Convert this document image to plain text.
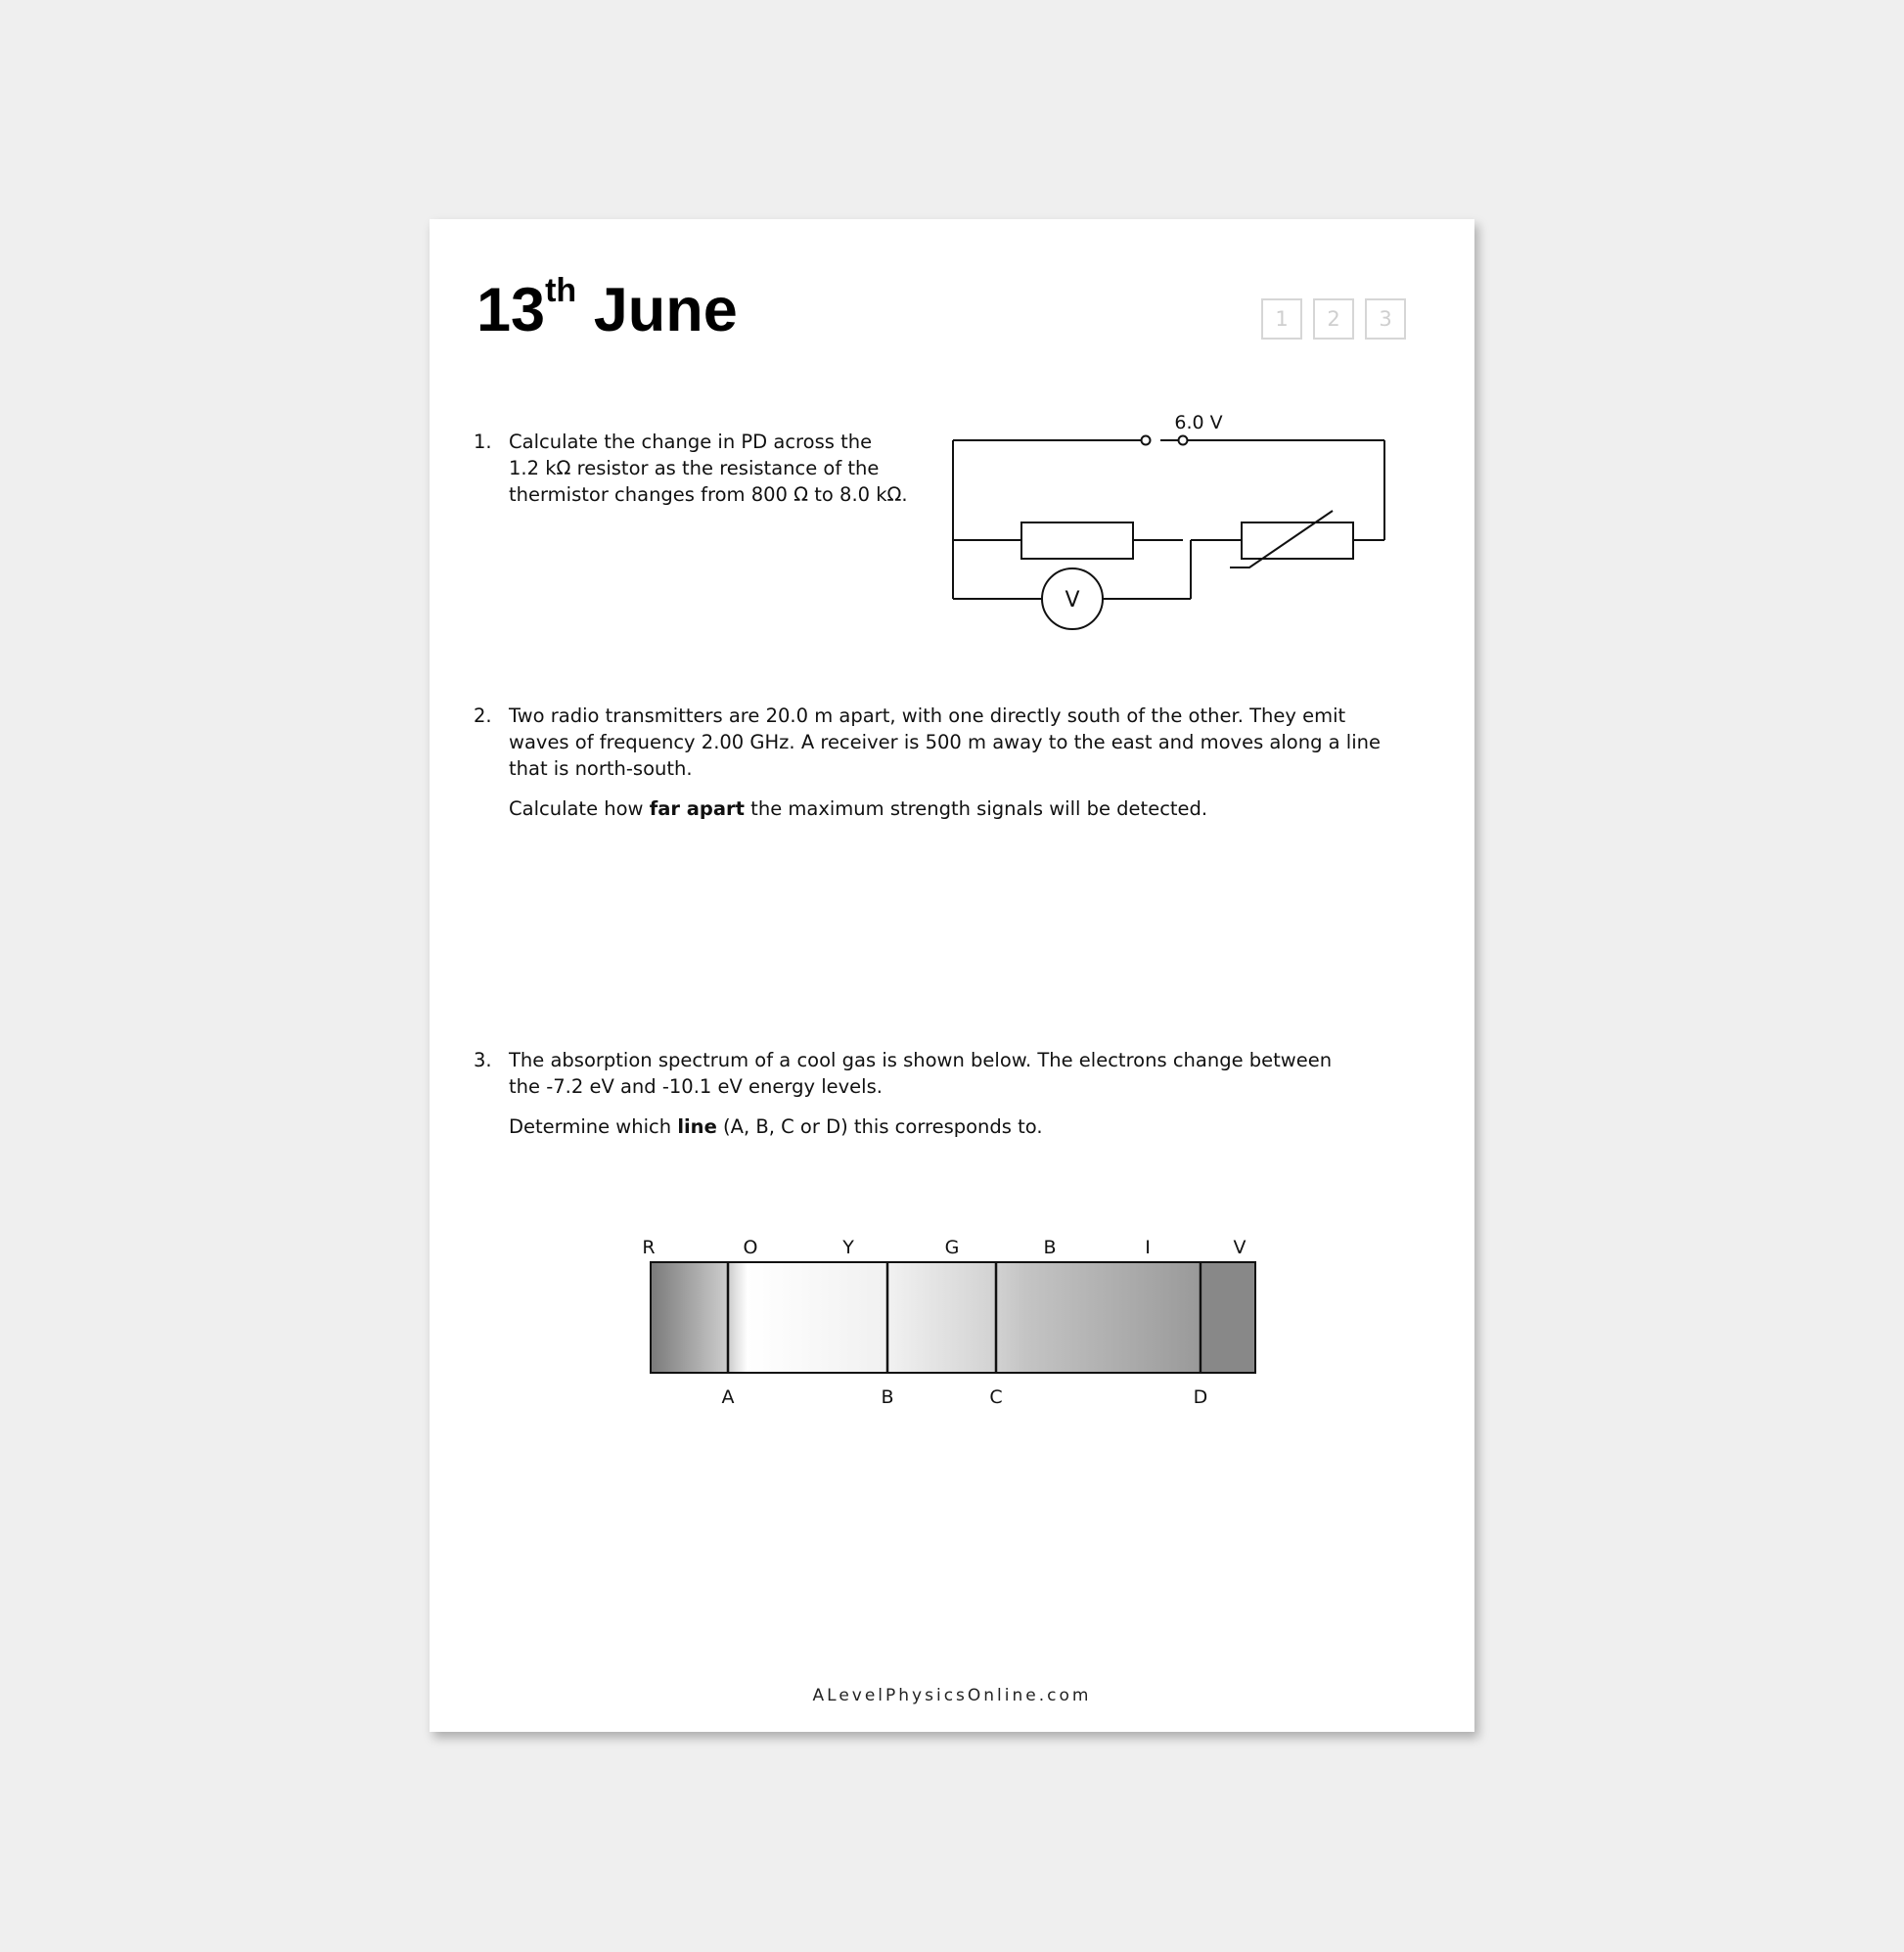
13th June	1	2	3
1. Calculate the change in PD across the

1.2 kΩ resistor as the resistance of the

thermistor changes from 800 Ω to 8.0 kΩ.

6.0 V
V
2. Two radio transmitters are 20.0 m apart, with one directly south of the other. They emit

waves of frequency 2.00 GHz. A receiver is 500 m away to the east and moves along a line

that is north-south.

Calculate how far apart the maximum strength signals will be detected.

3. The absorption spectrum of a cool gas is shown below. The electrons change between

the -7.2 eV and -10.1 eV energy levels.

Determine which line (A, B, C or D) this corresponds to.

R	O	Y	G	B	I	V
A	B	C	D
ALevelPhysicsOnline.com
